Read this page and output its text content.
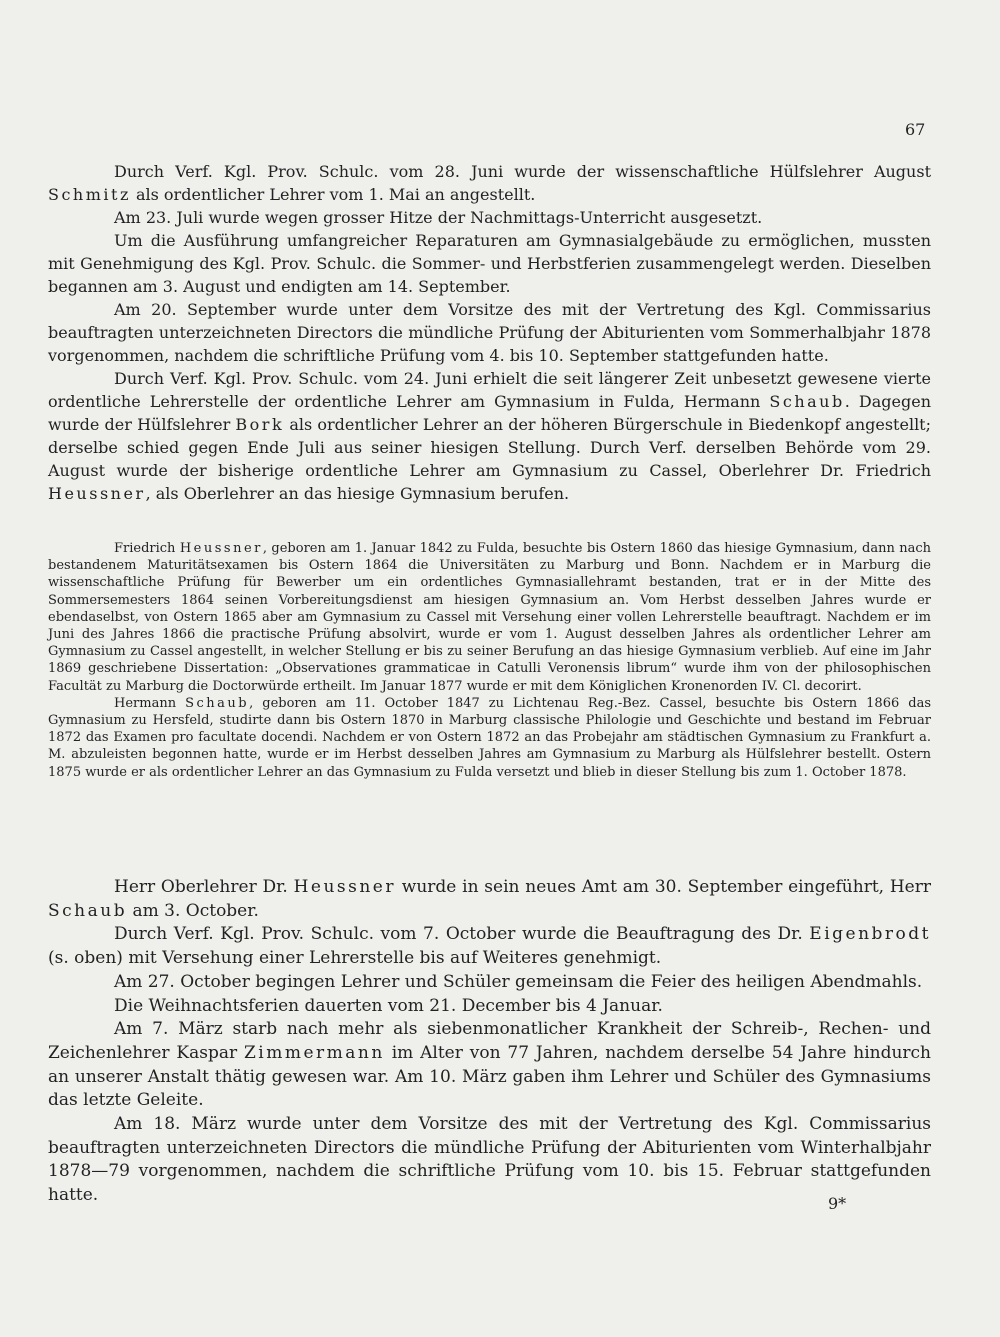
67

Durch Verf. Kgl. Prov. Schulc. vom 28. Juni wurde der wissenschaftliche Hülfslehrer August Schmitz als ordentlicher Lehrer vom 1. Mai an angestellt.

Am 23. Juli wurde wegen grosser Hitze der Nachmittags-Unterricht ausgesetzt.

Um die Ausführung umfangreicher Reparaturen am Gymnasialgebäude zu ermöglichen, mussten mit Genehmigung des Kgl. Prov. Schulc. die Sommer- und Herbstferien zusammengelegt werden. Dieselben begannen am 3. August und endigten am 14. September.

Am 20. September wurde unter dem Vorsitze des mit der Vertretung des Kgl. Commissarius beauftragten unterzeichneten Directors die mündliche Prüfung der Abiturienten vom Sommerhalbjahr 1878 vorgenommen, nachdem die schriftliche Prüfung vom 4. bis 10. September stattgefunden hatte.

Durch Verf. Kgl. Prov. Schulc. vom 24. Juni erhielt die seit längerer Zeit unbesetzt gewesene vierte ordentliche Lehrerstelle der ordentliche Lehrer am Gymnasium in Fulda, Hermann Schaub. Dagegen wurde der Hülfslehrer Bork als ordentlicher Lehrer an der höheren Bürgerschule in Biedenkopf angestellt; derselbe schied gegen Ende Juli aus seiner hiesigen Stellung. Durch Verf. derselben Behörde vom 29. August wurde der bisherige ordentliche Lehrer am Gymnasium zu Cassel, Oberlehrer Dr. Friedrich Heussner, als Oberlehrer an das hiesige Gymnasium berufen.

Friedrich Heussner, geboren am 1. Januar 1842 zu Fulda, besuchte bis Ostern 1860 das hiesige Gymnasium, dann nach bestandenem Maturitätsexamen bis Ostern 1864 die Universitäten zu Marburg und Bonn. Nachdem er in Marburg die wissenschaftliche Prüfung für Bewerber um ein ordentliches Gymnasiallehramt bestanden, trat er in der Mitte des Sommersemesters 1864 seinen Vorbereitungsdienst am hiesigen Gymnasium an. Vom Herbst desselben Jahres wurde er ebendaselbst, von Ostern 1865 aber am Gymnasium zu Cassel mit Versehung einer vollen Lehrerstelle beauftragt. Nachdem er im Juni des Jahres 1866 die practische Prüfung absolvirt, wurde er vom 1. August desselben Jahres als ordentlicher Lehrer am Gymnasium zu Cassel angestellt, in welcher Stellung er bis zu seiner Berufung an das hiesige Gymnasium verblieb. Auf eine im Jahr 1869 geschriebene Dissertation: „Observationes grammaticae in Catulli Veronensis librum“ wurde ihm von der philosophischen Facultät zu Marburg die Doctorwürde ertheilt. Im Januar 1877 wurde er mit dem Königlichen Kronenorden IV. Cl. decorirt.

Hermann Schaub, geboren am 11. October 1847 zu Lichtenau Reg.-Bez. Cassel, besuchte bis Ostern 1866 das Gymnasium zu Hersfeld, studirte dann bis Ostern 1870 in Marburg classische Philologie und Geschichte und bestand im Februar 1872 das Examen pro facultate docendi. Nachdem er von Ostern 1872 an das Probejahr am städtischen Gymnasium zu Frankfurt a. M. abzuleisten begonnen hatte, wurde er im Herbst desselben Jahres am Gymnasium zu Marburg als Hülfslehrer bestellt. Ostern 1875 wurde er als ordentlicher Lehrer an das Gymnasium zu Fulda versetzt und blieb in dieser Stellung bis zum 1. October 1878.

Herr Oberlehrer Dr. Heussner wurde in sein neues Amt am 30. September eingeführt, Herr Schaub am 3. October.

Durch Verf. Kgl. Prov. Schulc. vom 7. October wurde die Beauftragung des Dr. Eigenbrodt (s. oben) mit Versehung einer Lehrerstelle bis auf Weiteres genehmigt.

Am 27. October begingen Lehrer und Schüler gemeinsam die Feier des heiligen Abendmahls.

Die Weihnachtsferien dauerten vom 21. December bis 4 Januar.

Am 7. März starb nach mehr als siebenmonatlicher Krankheit der Schreib-, Rechen- und Zeichenlehrer Kaspar Zimmermann im Alter von 77 Jahren, nachdem derselbe 54 Jahre hindurch an unserer Anstalt thätig gewesen war. Am 10. März gaben ihm Lehrer und Schüler des Gymnasiums das letzte Geleite.

Am 18. März wurde unter dem Vorsitze des mit der Vertretung des Kgl. Commissarius beauftragten unterzeichneten Directors die mündliche Prüfung der Abiturienten vom Winterhalbjahr 1878—79 vorgenommen, nachdem die schriftliche Prüfung vom 10. bis 15. Februar stattgefunden hatte.	9*
